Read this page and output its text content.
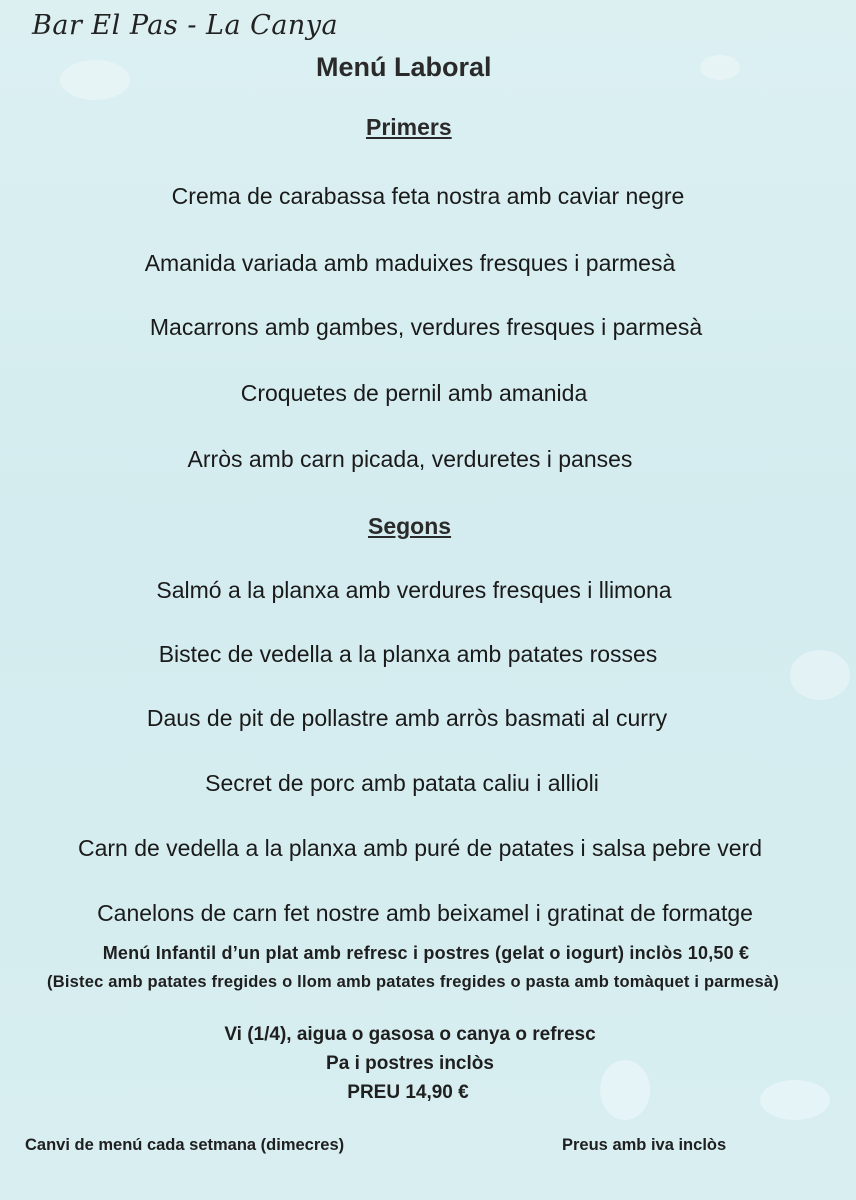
Bar El Pas - La Canya
Menú Laboral
Primers
Crema de carabassa feta nostra amb caviar negre
Amanida variada amb maduixes fresques i parmesà
Macarrons amb gambes, verdures fresques i parmesà
Croquetes de pernil amb amanida
Arròs amb carn picada, verduretes i panses
Segons
Salmó a la planxa amb verdures fresques i llimona
Bistec de vedella a la planxa amb patates rosses
Daus de pit de pollastre amb arròs basmati al curry
Secret de porc amb patata caliu i allioli
Carn de vedella a la planxa amb puré de patates i salsa pebre verd
Canelons de carn fet nostre amb beixamel i gratinat de formatge
Menú Infantil d’un plat amb refresc i postres (gelat o iogurt) inclòs 10,50 €
(Bistec amb patates fregides o llom amb patates fregides o pasta amb tomàquet i parmesà)
Vi (1/4), aigua o gasosa o canya o refresc
Pa i postres inclòs
PREU 14,90 €
Canvi de menú cada setmana (dimecres)	Preus amb iva inclòs
